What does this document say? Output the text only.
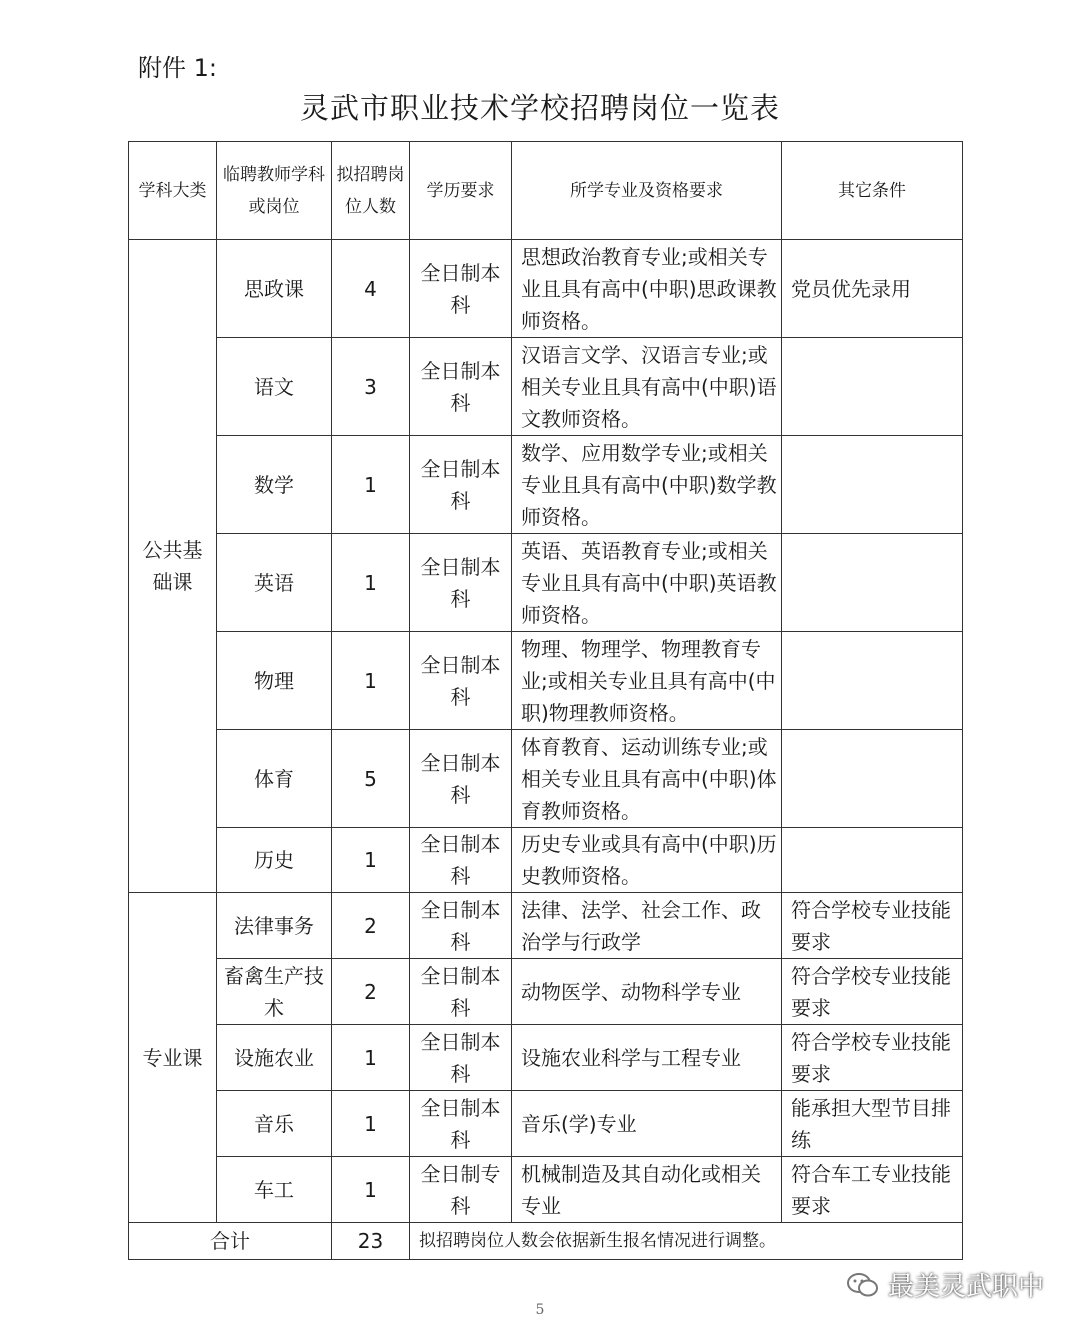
附件 1:
灵武市职业技术学校招聘岗位一览表
学科大类	临聘教师学科或岗位	拟招聘岗位人数	学历要求	所学专业及资格要求	其它条件
公共基础课	思政课	4	全日制本科	思想政治教育专业;或相关专业且具有高中(中职)思政课教师资格。	党员优先录用
	语文	3	全日制本科	汉语言文学、汉语言专业;或相关专业且具有高中(中职)语文教师资格。	
	数学	1	全日制本科	数学、应用数学专业;或相关专业且具有高中(中职)数学教师资格。	
	英语	1	全日制本科	英语、英语教育专业;或相关专业且具有高中(中职)英语教师资格。	
	物理	1	全日制本科	物理、物理学、物理教育专业;或相关专业且具有高中(中职)物理教师资格。	
	体育	5	全日制本科	体育教育、运动训练专业;或相关专业且具有高中(中职)体育教师资格。	
	历史	1	全日制本科	历史专业或具有高中(中职)历史教师资格。	
专业课	法律事务	2	全日制本科	法律、法学、社会工作、政治学与行政学	符合学校专业技能要求
	畜禽生产技术	2	全日制本科	动物医学、动物科学专业	符合学校专业技能要求
	设施农业	1	全日制本科	设施农业科学与工程专业	符合学校专业技能要求
	音乐	1	全日制本科	音乐(学)专业	能承担大型节目排练
	车工	1	全日制专科	机械制造及其自动化或相关专业	符合车工专业技能要求
合计		23	拟招聘岗位人数会依据新生报名情况进行调整。		
最美灵武职中
5
